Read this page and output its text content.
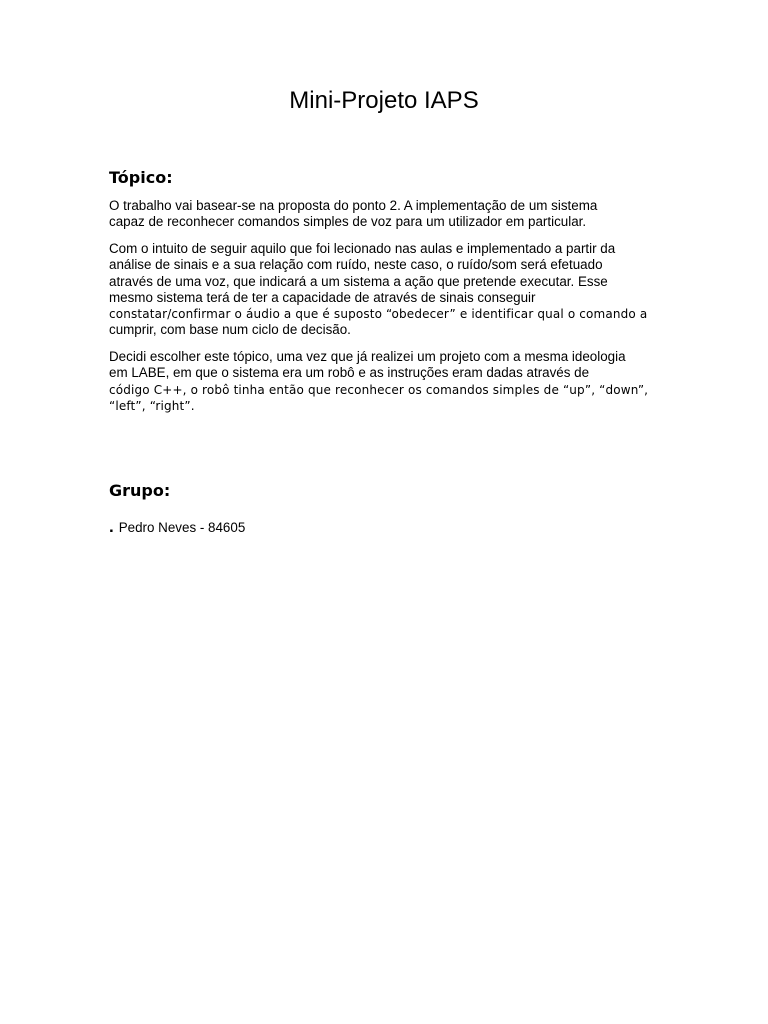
Mini-Projeto IAPS
Tópico:

O trabalho vai basear-se na proposta do ponto 2. A implementação de um sistema
capaz de reconhecer comandos simples de voz para um utilizador em particular.

Com o intuito de seguir aquilo que foi lecionado nas aulas e implementado a partir da
análise de sinais e a sua relação com ruído, neste caso, o ruído/som será efetuado
através de uma voz, que indicará a um sistema a ação que pretende executar. Esse
mesmo sistema terá de ter a capacidade de através de sinais conseguir
constatar/confirmar o áudio a que é suposto “obedecer” e identificar qual o comando a
cumprir, com base num ciclo de decisão.

Decidi escolher este tópico, uma vez que já realizei um projeto com a mesma ideologia
em LABE, em que o sistema era um robô e as instruções eram dadas através de
código C++, o robô tinha então que reconhecer os comandos simples de “up”, “down”,
“left”, “right”.

Grupo:

. Pedro Neves - 84605
